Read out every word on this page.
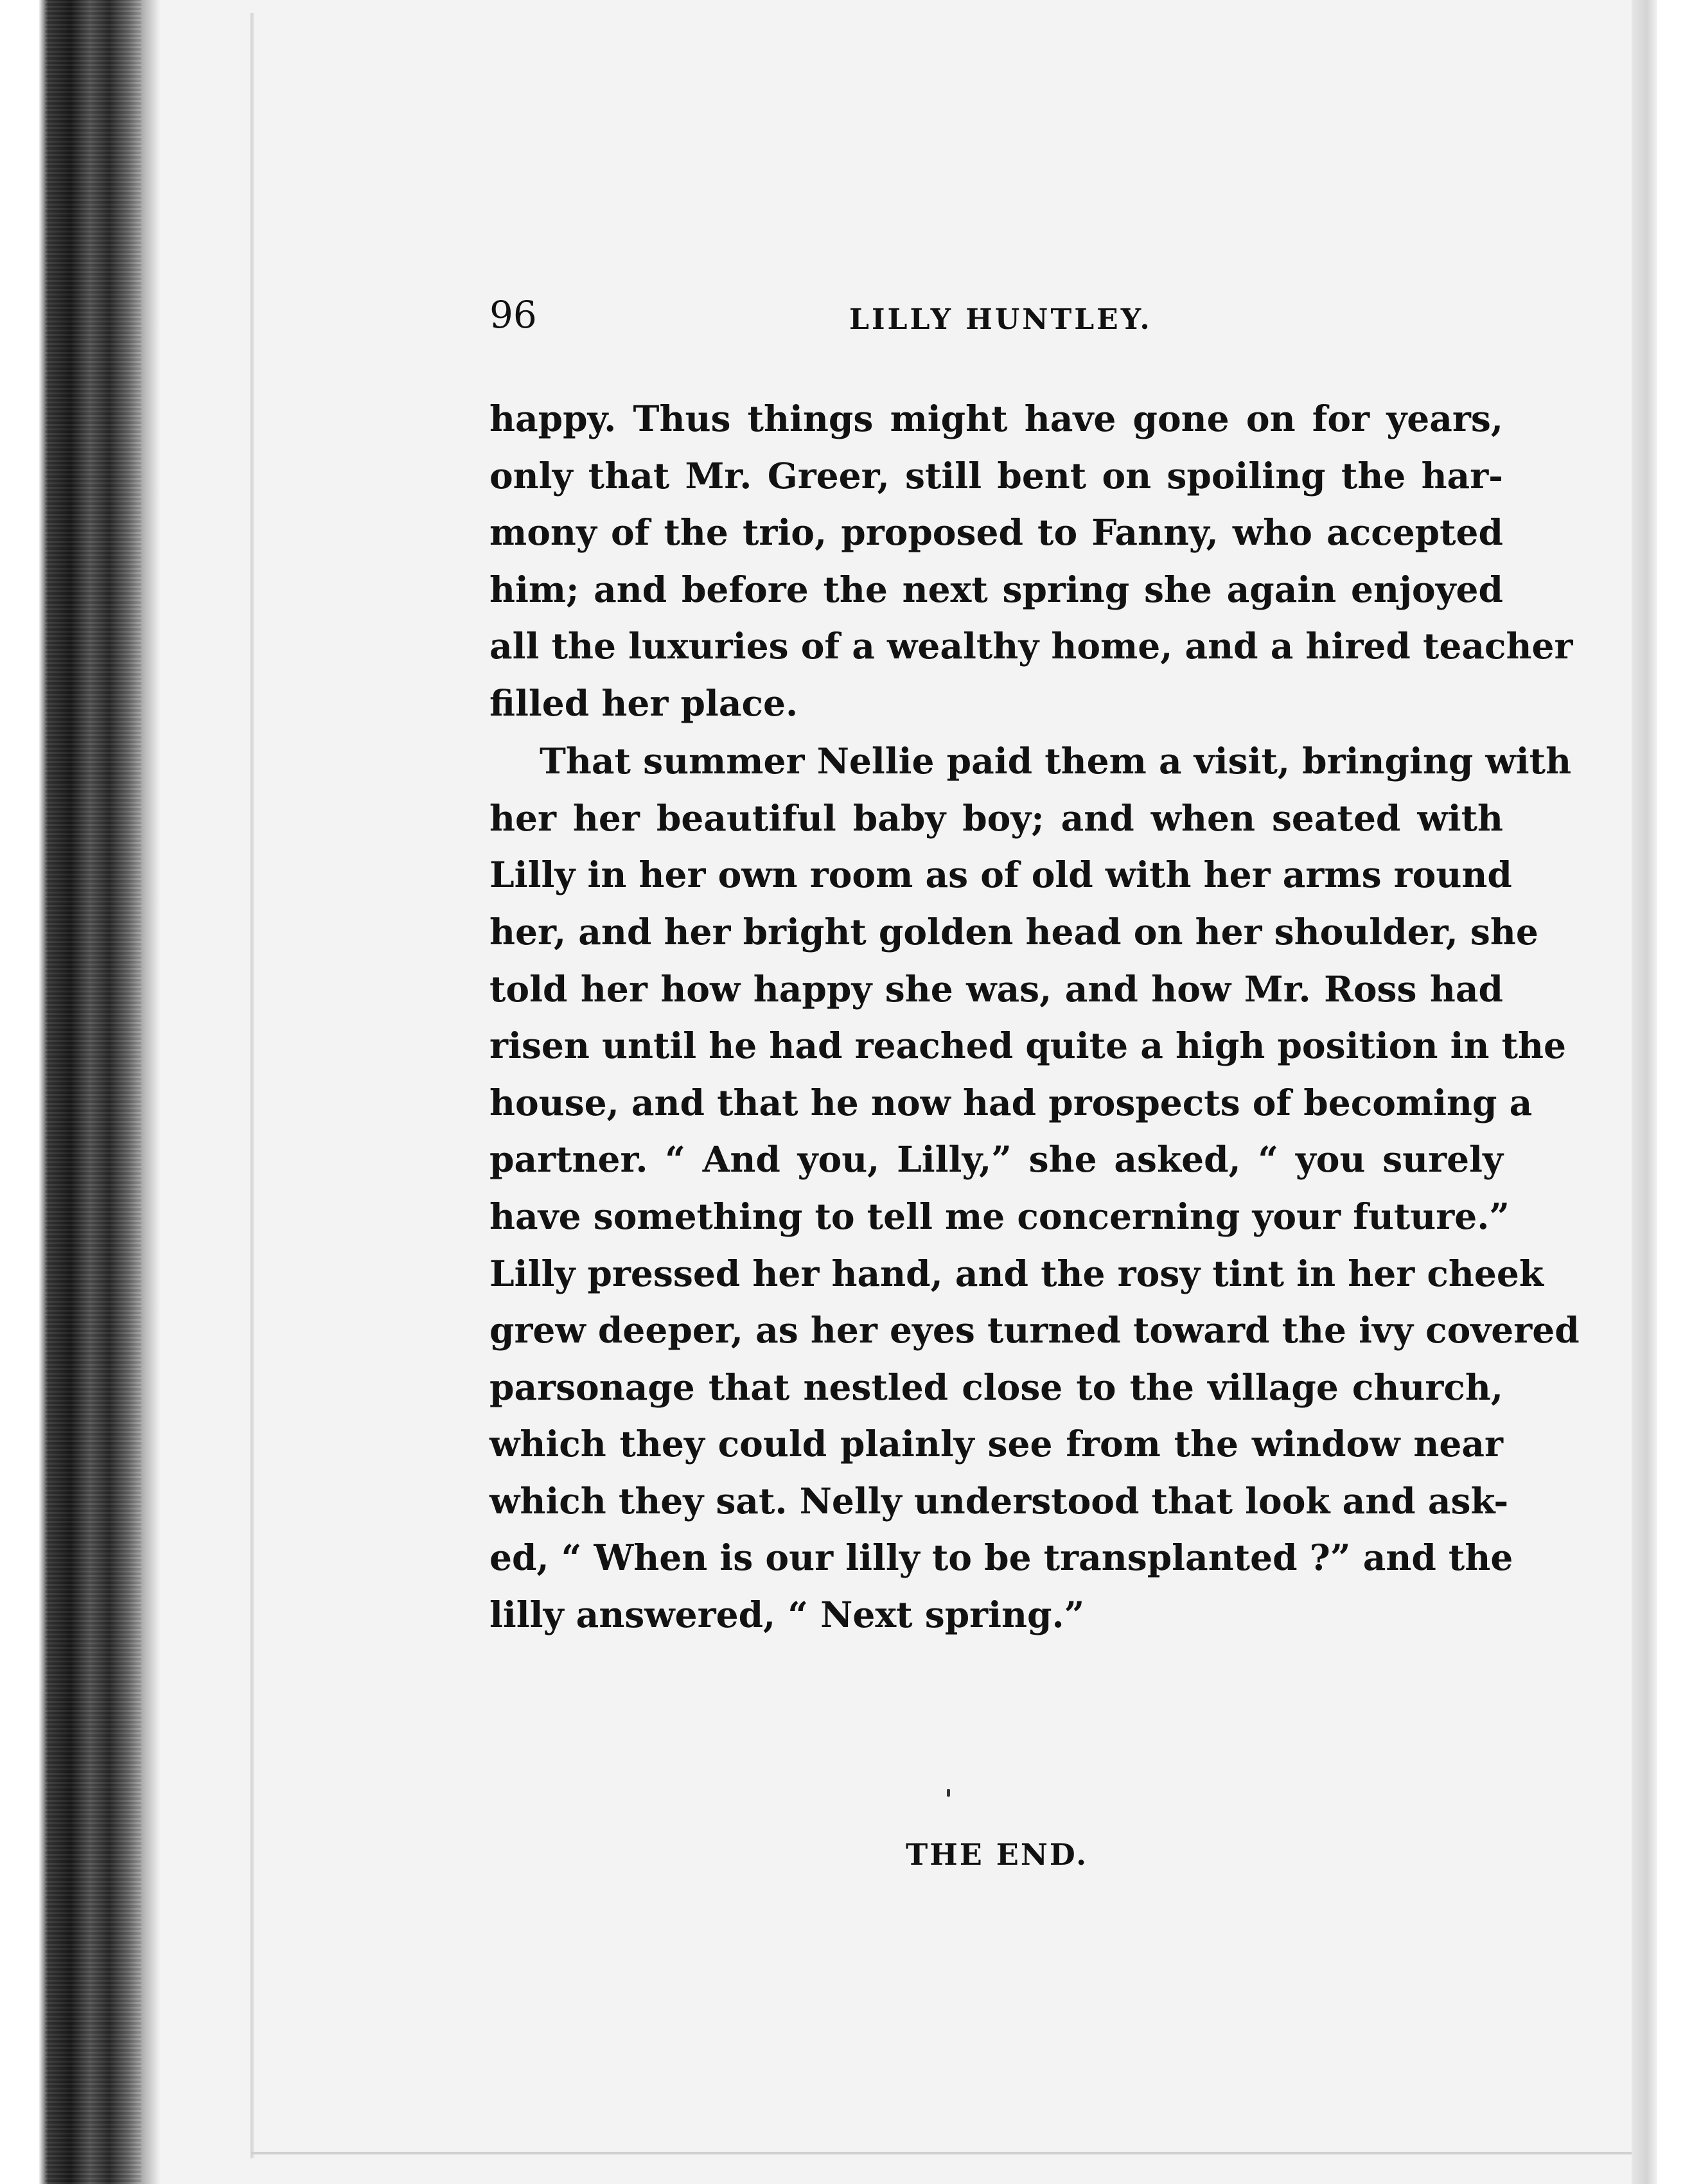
96	LILLY HUNTLEY.
happy. Thus things might have gone on for years,
only that Mr. Greer, still bent on spoiling the har-
mony of the trio, proposed to Fanny, who accepted
him; and before the next spring she again enjoyed
all the luxuries of a wealthy home, and a hired teacher
filled her place.
That summer Nellie paid them a visit, bringing with
her her beautiful baby boy; and when seated with
Lilly in her own room as of old with her arms round
her, and her bright golden head on her shoulder, she
told her how happy she was, and how Mr. Ross had
risen until he had reached quite a high position in the
house, and that he now had prospects of becoming a
partner. “ And you, Lilly,” she asked, “ you surely
have something to tell me concerning your future.”
Lilly pressed her hand, and the rosy tint in her cheek
grew deeper, as her eyes turned toward the ivy covered
parsonage that nestled close to the village church,
which they could plainly see from the window near
which they sat. Nelly understood that look and ask-
ed, “ When is our lilly to be transplanted ?” and the
lilly answered, “ Next spring.”
THE END.
